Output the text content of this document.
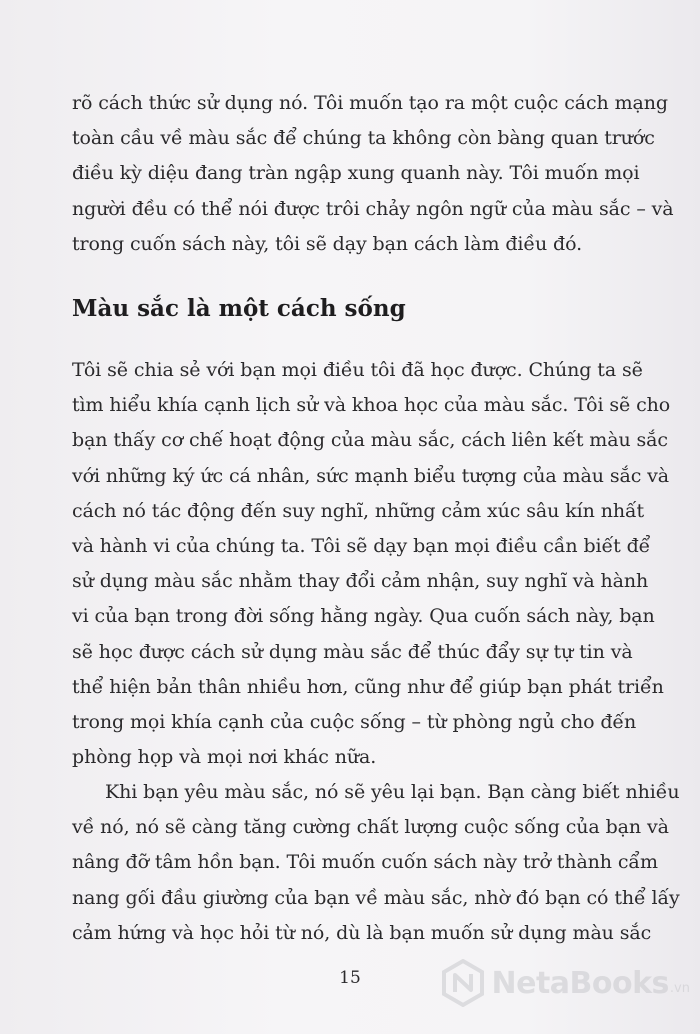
rõ cách thức sử dụng nó. Tôi muốn tạo ra một cuộc cách mạng
toàn cầu về màu sắc để chúng ta không còn bàng quan trước
điều kỳ diệu đang tràn ngập xung quanh này. Tôi muốn mọi
người đều có thể nói được trôi chảy ngôn ngữ của màu sắc – và
trong cuốn sách này, tôi sẽ dạy bạn cách làm điều đó.
Màu sắc là một cách sống
Tôi sẽ chia sẻ với bạn mọi điều tôi đã học được. Chúng ta sẽ
tìm hiểu khía cạnh lịch sử và khoa học của màu sắc. Tôi sẽ cho
bạn thấy cơ chế hoạt động của màu sắc, cách liên kết màu sắc
với những ký ức cá nhân, sức mạnh biểu tượng của màu sắc và
cách nó tác động đến suy nghĩ, những cảm xúc sâu kín nhất
và hành vi của chúng ta. Tôi sẽ dạy bạn mọi điều cần biết để
sử dụng màu sắc nhằm thay đổi cảm nhận, suy nghĩ và hành
vi của bạn trong đời sống hằng ngày. Qua cuốn sách này, bạn
sẽ học được cách sử dụng màu sắc để thúc đẩy sự tự tin và
thể hiện bản thân nhiều hơn, cũng như để giúp bạn phát triển
trong mọi khía cạnh của cuộc sống – từ phòng ngủ cho đến
phòng họp và mọi nơi khác nữa.
Khi bạn yêu màu sắc, nó sẽ yêu lại bạn. Bạn càng biết nhiều
về nó, nó sẽ càng tăng cường chất lượng cuộc sống của bạn và
nâng đỡ tâm hồn bạn. Tôi muốn cuốn sách này trở thành cẩm
nang gối đầu giường của bạn về màu sắc, nhờ đó bạn có thể lấy
cảm hứng và học hỏi từ nó, dù là bạn muốn sử dụng màu sắc
15	NetaBooks .vn
